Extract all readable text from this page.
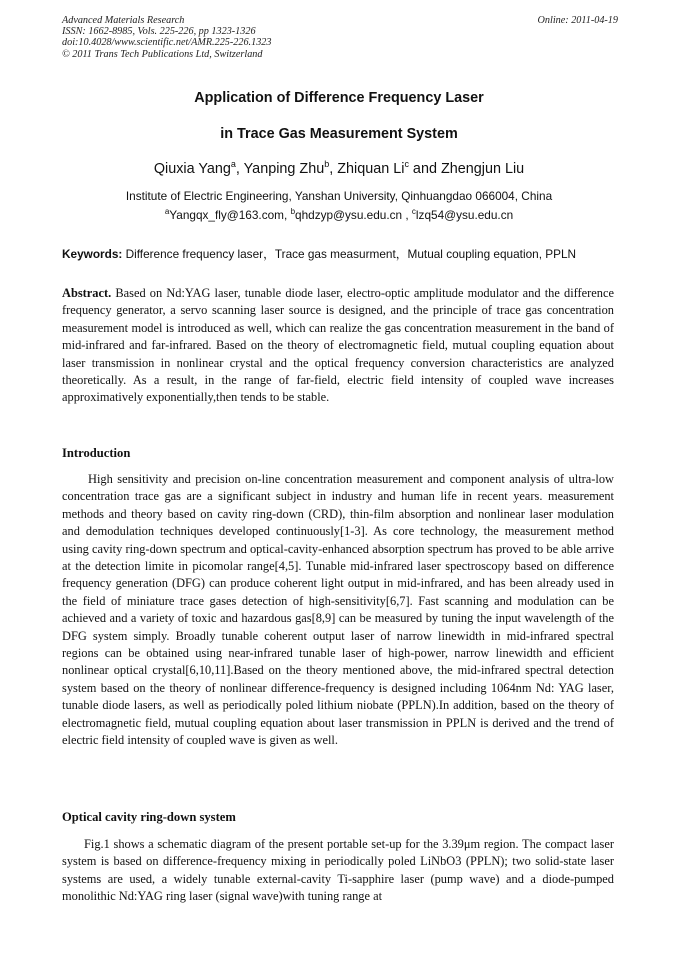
Advanced Materials Research
ISSN: 1662-8985, Vols. 225-226, pp 1323-1326
doi:10.4028/www.scientific.net/AMR.225-226.1323
© 2011 Trans Tech Publications Ltd, Switzerland
Online: 2011-04-19
Application of Difference Frequency Laser
in Trace Gas Measurement System
Qiuxia Yang$^a$, Yanping Zhu$^b$, Zhiquan Li$^c$ and Zhengjun Liu
Institute of Electric Engineering, Yanshan University, Qinhuangdao 066004, China
$^a$Yangqx_fly@163.com, $^b$qhdzyp@ysu.edu.cn , $^c$lzq54@ysu.edu.cn
Keywords: Difference frequency laser，Trace gas measurment，Mutual coupling equation, PPLN
Abstract. Based on Nd:YAG laser, tunable diode laser, electro-optic amplitude modulator and the difference frequency generator, a servo scanning laser source is designed, and the principle of trace gas concentration measurement model is introduced as well, which can realize the gas concentration measurement in the band of mid-infrared and far-infrared. Based on the theory of electromagnetic field, mutual coupling equation about laser transmission in nonlinear crystal and the optical frequency conversion characteristics are analyzed theoretically. As a result, in the range of far-field, electric field intensity of coupled wave increases approximatively exponentially,then tends to be stable.
Introduction
High sensitivity and precision on-line concentration measurement and component analysis of ultra-low concentration trace gas are a significant subject in industry and human life in recent years. measurement methods and theory based on cavity ring-down (CRD), thin-film absorption and nonlinear laser modulation and demodulation techniques developed continuously[1-3]. As core technology, the measurement method using cavity ring-down spectrum and optical-cavity-enhanced absorption spectrum has proved to be able arrive at the detection limite in picomolar range[4,5]. Tunable mid-infrared laser spectroscopy based on difference frequency generation (DFG) can produce coherent light output in mid-infrared, and has been already used in the field of miniature trace gases detection of high-sensitivity[6,7]. Fast scanning and modulation can be achieved and a variety of toxic and hazardous gas[8,9] can be measured by tuning the input wavelength of the DFG system simply. Broadly tunable coherent output laser of narrow linewidth in mid-infrared spectral regions can be obtained using near-infrared tunable laser of high-power, narrow linewidth and efficient nonlinear optical crystal[6,10,11].Based on the theory mentioned above, the mid-infrared spectral detection system based on the theory of nonlinear difference-frequency is designed including 1064nm Nd: YAG laser, tunable diode lasers, as well as periodically poled lithium niobate (PPLN).In addition, based on the theory of electromagnetic field, mutual coupling equation about laser transmission in PPLN is derived and the trend of electric field intensity of coupled wave is given as well.
Optical cavity ring-down system
Fig.1 shows a schematic diagram of the present portable set-up for the 3.39μm region. The compact laser system is based on difference-frequency mixing in periodically poled LiNbO3 (PPLN); two solid-state laser systems are used, a widely tunable external-cavity Ti-sapphire laser (pump wave) and a diode-pumped monolithic Nd:YAG ring laser (signal wave)with tuning range at
